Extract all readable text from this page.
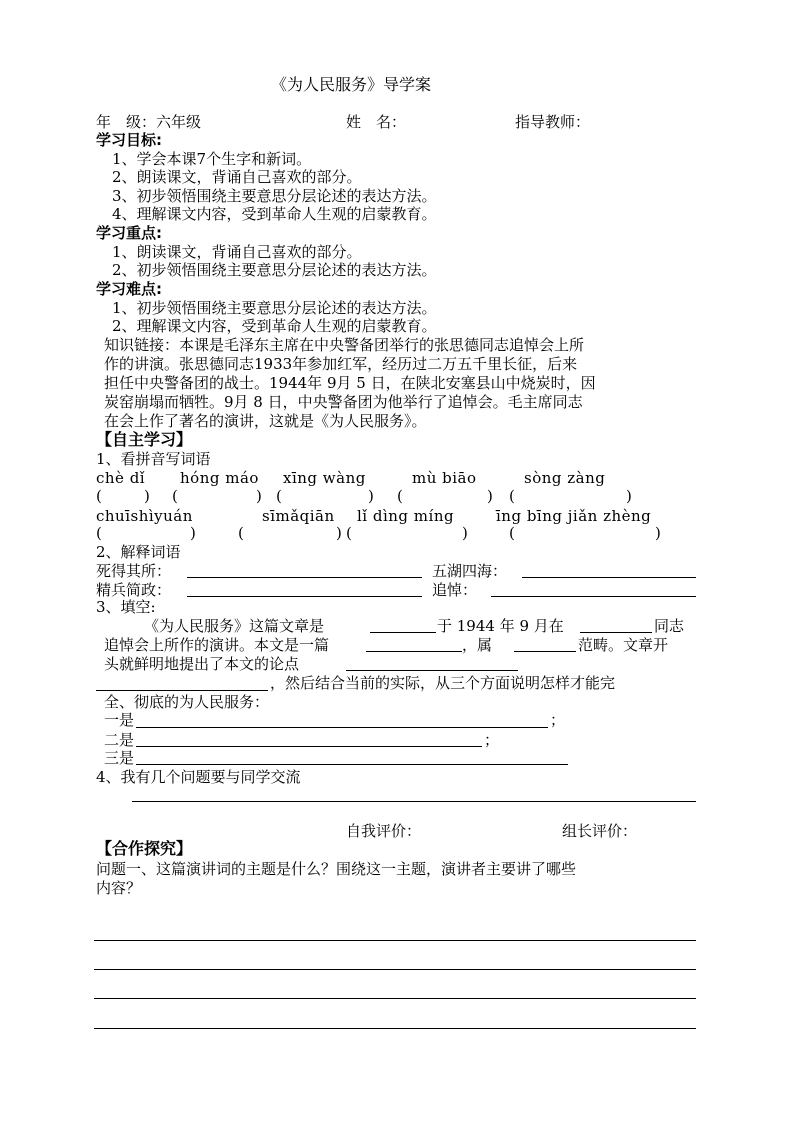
《为人民服务》导学案
年　级：六年级	姓　名：	指导教师：
学习目标:
1、学会本课7个生字和新词。
2、朗读课文，背诵自己喜欢的部分。
3、初步领悟围绕主要意思分层论述的表达方法。
4、理解课文内容，受到革命人生观的启蒙教育。
学习重点:
1、朗读课文，背诵自己喜欢的部分。
2、初步领悟围绕主要意思分层论述的表达方法。
学习难点:
1、初步领悟围绕主要意思分层论述的表达方法。
2、理解课文内容，受到革命人生观的启蒙教育。
知识链接：本课是毛泽东主席在中央警备团举行的张思德同志追悼会上所
作的讲演。张思德同志1933年参加红军，经历过二万五千里长征，后来
担任中央警备团的战士。1944年 9月 5 日，在陕北安塞县山中烧炭时，因
炭窑崩塌而牺牲。9月 8 日，中央警备团为他举行了追悼会。毛主席同志
在会上作了著名的演讲，这就是《为人民服务》。
【自主学习】
1、看拼音写词语
chè dǐ hóng máo xīng wàng	mù biāo	sòng zàng
(	) (	) (	) (	) (	)
chuīshìyuán	sīmǎqiān lǐ dìng míng	īng bīng jiǎn zhèng
(	)	(	) (	)	(	)
2、解释词语
死得其所：	五湖四海：
精兵简政：	追悼：
3、填空:
《为人民服务》这篇文章是	于 1944 年 9 月在	同志
追悼会上所作的演讲。本文是一篇	，属	范畴。文章开
头就鲜明地提出了本文的论点
，然后结合当前的实际，从三个方面说明怎样才能完
全、彻底的为人民服务：
一是	；
二是	；
三是
4、我有几个问题要与同学交流
自我评价：	组长评价：
【合作探究】
问题一、这篇演讲词的主题是什么？围绕这一主题，演讲者主要讲了哪些
内容？
